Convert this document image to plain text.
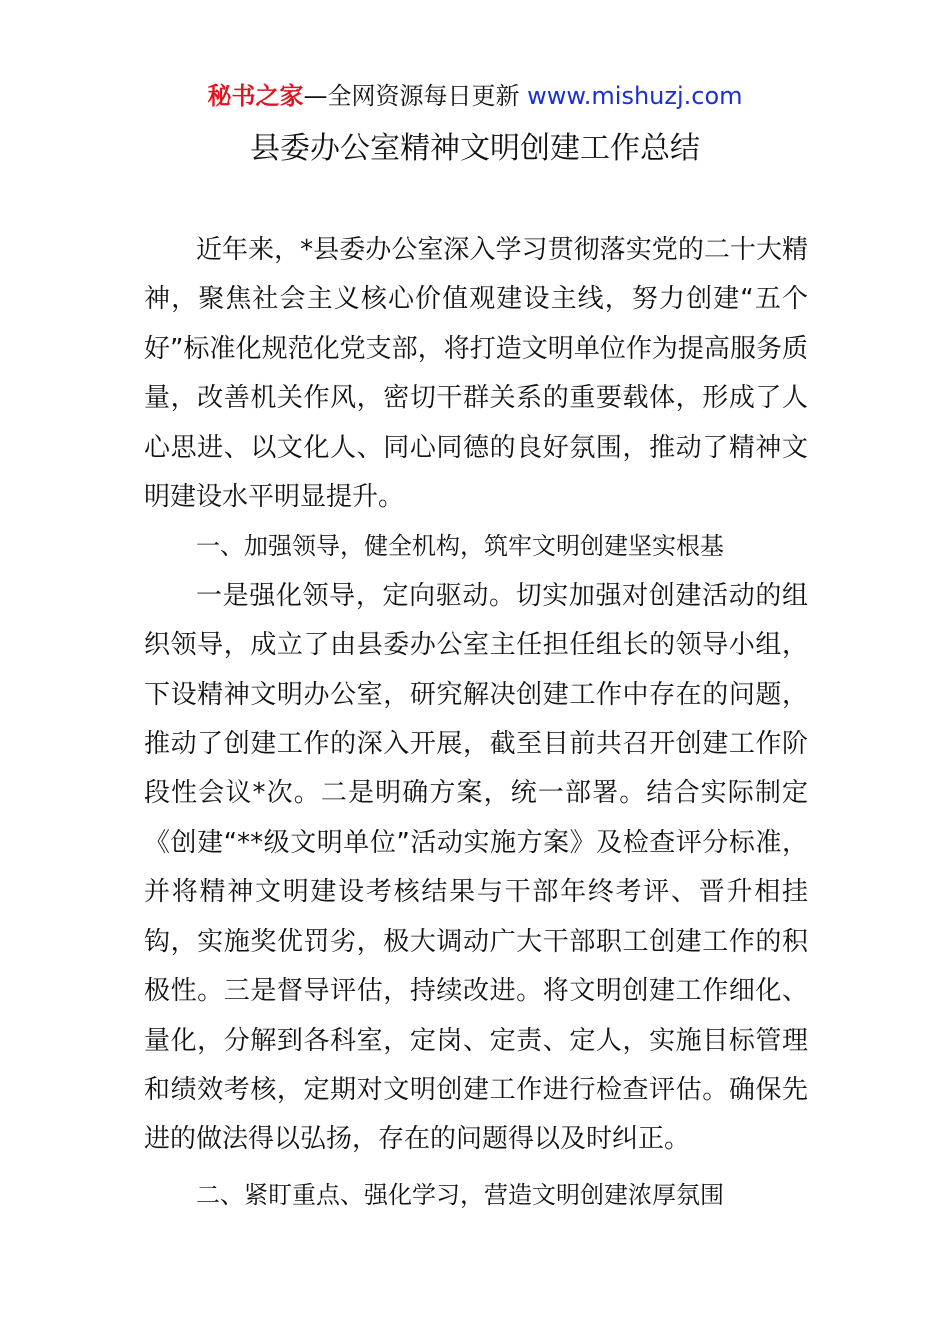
秘书之家—全网资源每日更新 www.mishuzj.com
县委办公室精神文明创建工作总结

近年来，*县委办公室深入学习贯彻落实党的二十大精神，聚焦社会主义核心价值观建设主线，努力创建“五个好”标准化规范化党支部，将打造文明单位作为提高服务质量，改善机关作风，密切干群关系的重要载体，形成了人心思进、以文化人、同心同德的良好氛围，推动了精神文明建设水平明显提升。

一、加强领导，健全机构，筑牢文明创建坚实根基

一是强化领导，定向驱动。切实加强对创建活动的组织领导，成立了由县委办公室主任担任组长的领导小组，下设精神文明办公室，研究解决创建工作中存在的问题，推动了创建工作的深入开展，截至目前共召开创建工作阶段性会议*次。二是明确方案，统一部署。结合实际制定《创建“**级文明单位”活动实施方案》及检查评分标准，并将精神文明建设考核结果与干部年终考评、晋升相挂钩，实施奖优罚劣，极大调动广大干部职工创建工作的积极性。三是督导评估，持续改进。将文明创建工作细化、量化，分解到各科室，定岗、定责、定人，实施目标管理和绩效考核，定期对文明创建工作进行检查评估。确保先进的做法得以弘扬，存在的问题得以及时纠正。

二、紧盯重点、强化学习，营造文明创建浓厚氛围
